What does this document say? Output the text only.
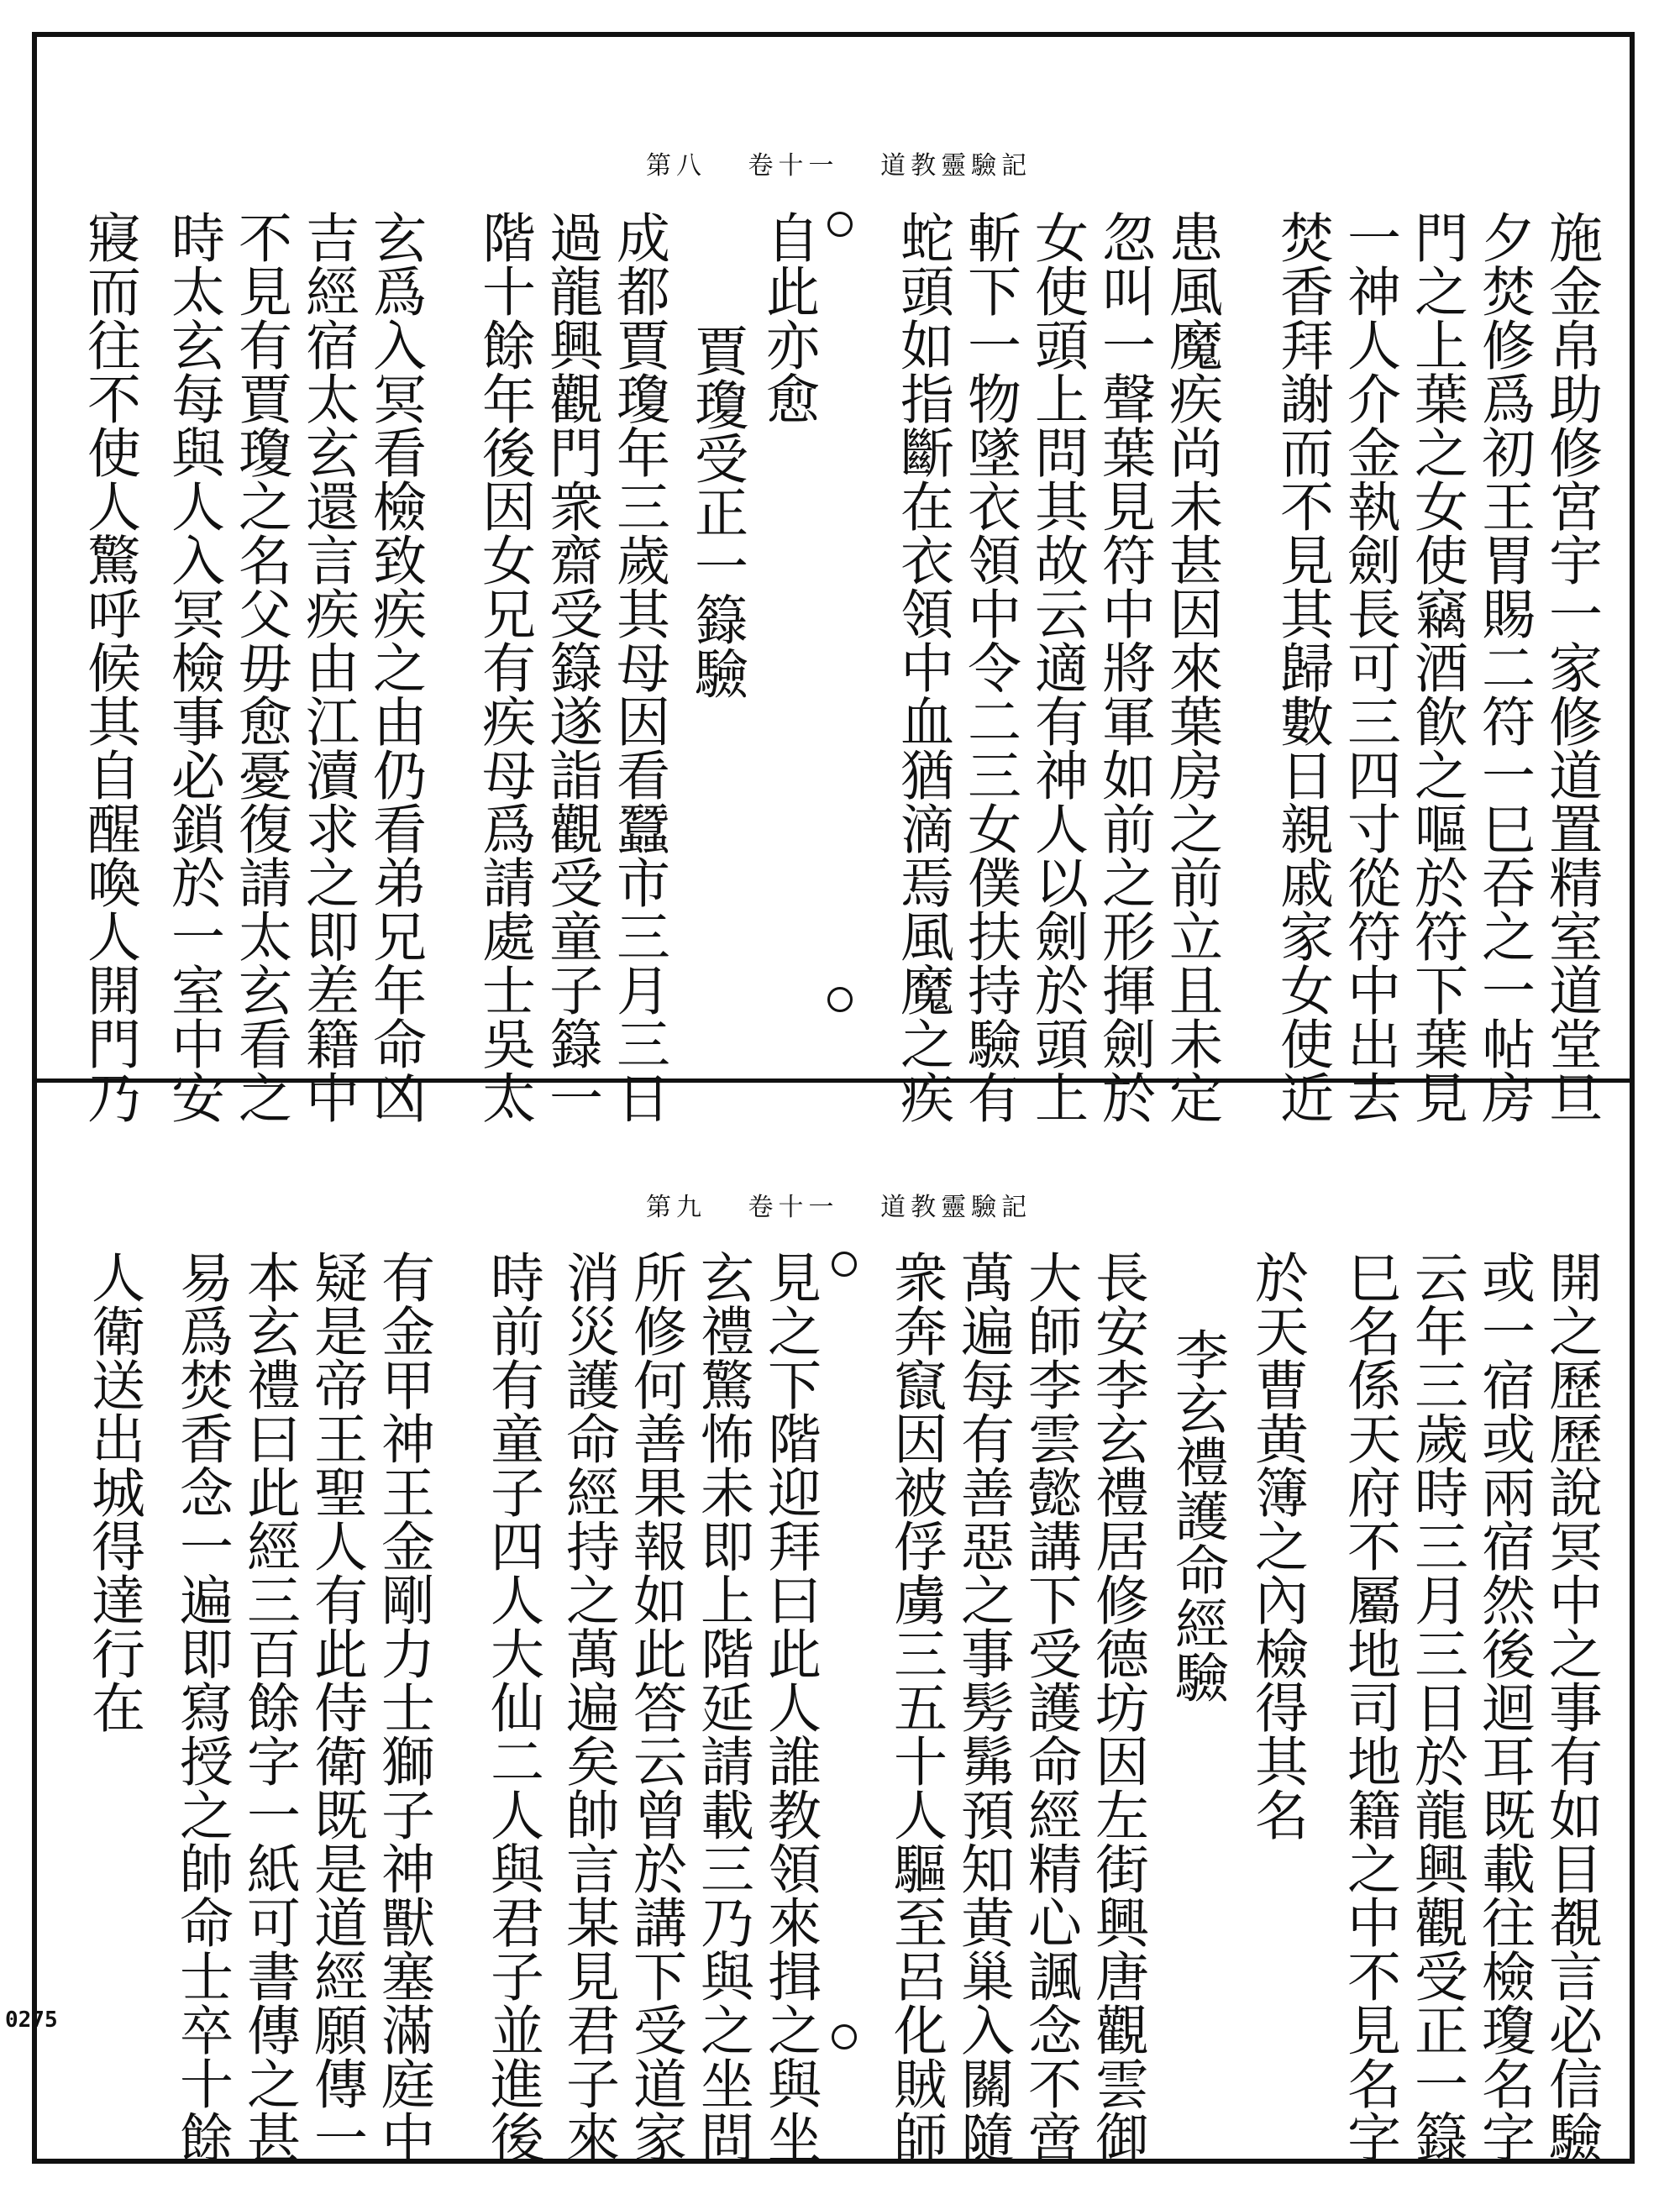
0275
第八 卷十一 道教靈驗記
施金帛助修宮宇一家修道置精室道堂旦
夕焚修爲初王胃賜二符一巳吞之一帖房
門之上葉之女使竊酒飮之嘔於符下葉見
一神人介金執劍長可三四寸從符中出去
焚香拜謝而不見其歸數日親戚家女使近
患風魔疾尚未甚因來葉房之前立且未定
忽叫一聲葉見符中將軍如前之形揮劍於
女使頭上問其故云適有神人以劍於頭上
斬下一物墜衣領中令二三女僕扶持驗有
蛇頭如指斷在衣領中血猶滴焉風魔之疾
自此亦愈
賈瓊受正一籙驗
成都賈瓊年三歲其母因看蠶市三月三日
過龍興觀門衆齋受籙遂詣觀受童子籙一
階十餘年後因女兄有疾母爲請處士吳太
玄爲入冥看檢致疾之由仍看弟兄年命凶
吉經宿太玄還言疾由江瀆求之即差籍中
不見有賈瓊之名父毋愈憂復請太玄看之
時太玄每與人入冥檢事必鎖於一室中安
寢而往不使人驚呼候其自醒喚人開門乃
第九 卷十一 道教靈驗記
開之歷歷說冥中之事有如目覩言必信驗
或一宿或兩宿然後迴耳既載往檢瓊名字
云年三歲時三月三日於龍興觀受正一籙
巳名係天府不屬地司地籍之中不見名字
於天曹黄簿之內檢得其名
李玄禮護命經驗
長安李玄禮居修德坊因左街興唐觀雲御
大師李雲懿講下受護命經精心諷念不啻
萬遍每有善惡之事髣髴預知黄巢入關隨
衆奔竄因被俘虜三五十人驅至呂化賊師
見之下階迎拜曰此人誰教領來揖之與坐
玄禮驚怖未即上階延請載三乃與之坐問
所修何善果報如此答云曾於講下受道家
消災護命經持之萬遍矣帥言某見君子來
時前有童子四人大仙二人與君子並進後
有金甲神王金剛力士獅子神獸塞滿庭中
疑是帝王聖人有此侍衛既是道經願傳一
本玄禮曰此經三百餘字一紙可書傳之甚
易爲焚香念一遍即寫授之帥命士卒十餘
人衛送出城得達行在
